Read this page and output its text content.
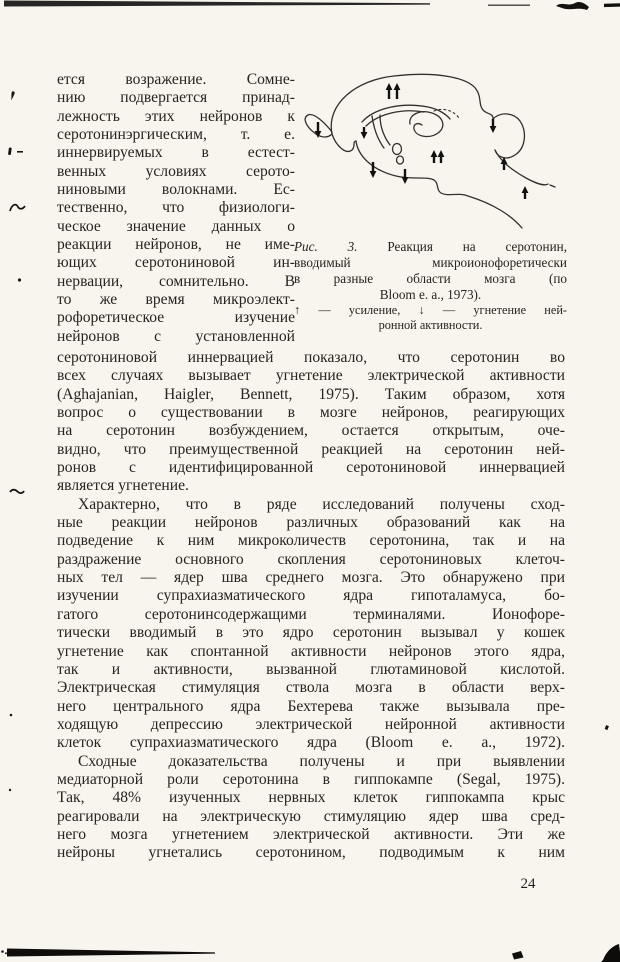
ется возражение. Сомне-
нию подвергается принад-
лежность этих нейронов к
серотонинэргическим, т. е.
иннервируемых в естест-
венных условиях серото-
ниновыми волокнами. Ес-
тественно, что физиологи-
ческое значение данных о
реакции нейронов, не име-
ющих серотониновой ин-
нервации, сомнительно. В
то же время микроэлект-
рофоретическое изучение
нейронов с установленной
Рис. 3. Реакция на серотонин,
вводимый микроионофоретически
в разные области мозга (по
Bloom е. а., 1973).
↑ — усиление, ↓ — угнетение ней-
ронной активности.
серотониновой иннервацией показало, что серотонин во
всех случаях вызывает угнетение электрической активности
(Aghajanian, Haigler, Bennett, 1975). Таким образом, хотя
вопрос о существовании в мозге нейронов, реагирующих
на серотонин возбуждением, остается открытым, оче-
видно, что преимущественной реакцией на серотонин ней-
ронов с идентифицированной серотониновой иннервацией
является угнетение.
Характерно, что в ряде исследований получены сход-
ные реакции нейронов различных образований как на
подведение к ним микроколичеств серотонина, так и на
раздражение основного скопления серотониновых клеточ-
ных тел — ядер шва среднего мозга. Это обнаружено при
изучении супрахиазматического ядра гипоталамуса, бо-
гатого серотонинсодержащими терминалями. Ионофоре-
тически вводимый в это ядро серотонин вызывал у кошек
угнетение как спонтанной активности нейронов этого ядра,
так и активности, вызванной глютаминовой кислотой.
Электрическая стимуляция ствола мозга в области верх-
него центрального ядра Бехтерева также вызывала пре-
ходящую депрессию электрической нейронной активности
клеток супрахиазматического ядра (Bloom е. а., 1972).
Сходные доказательства получены и при выявлении
медиаторной роли серотонина в гиппокампе (Segal, 1975).
Так, 48% изученных нервных клеток гиппокампа крыс
реагировали на электрическую стимуляцию ядер шва сред-
него мозга угнетением электрической активности. Эти же
нейроны угнетались серотонином, подводимым к ним
24
